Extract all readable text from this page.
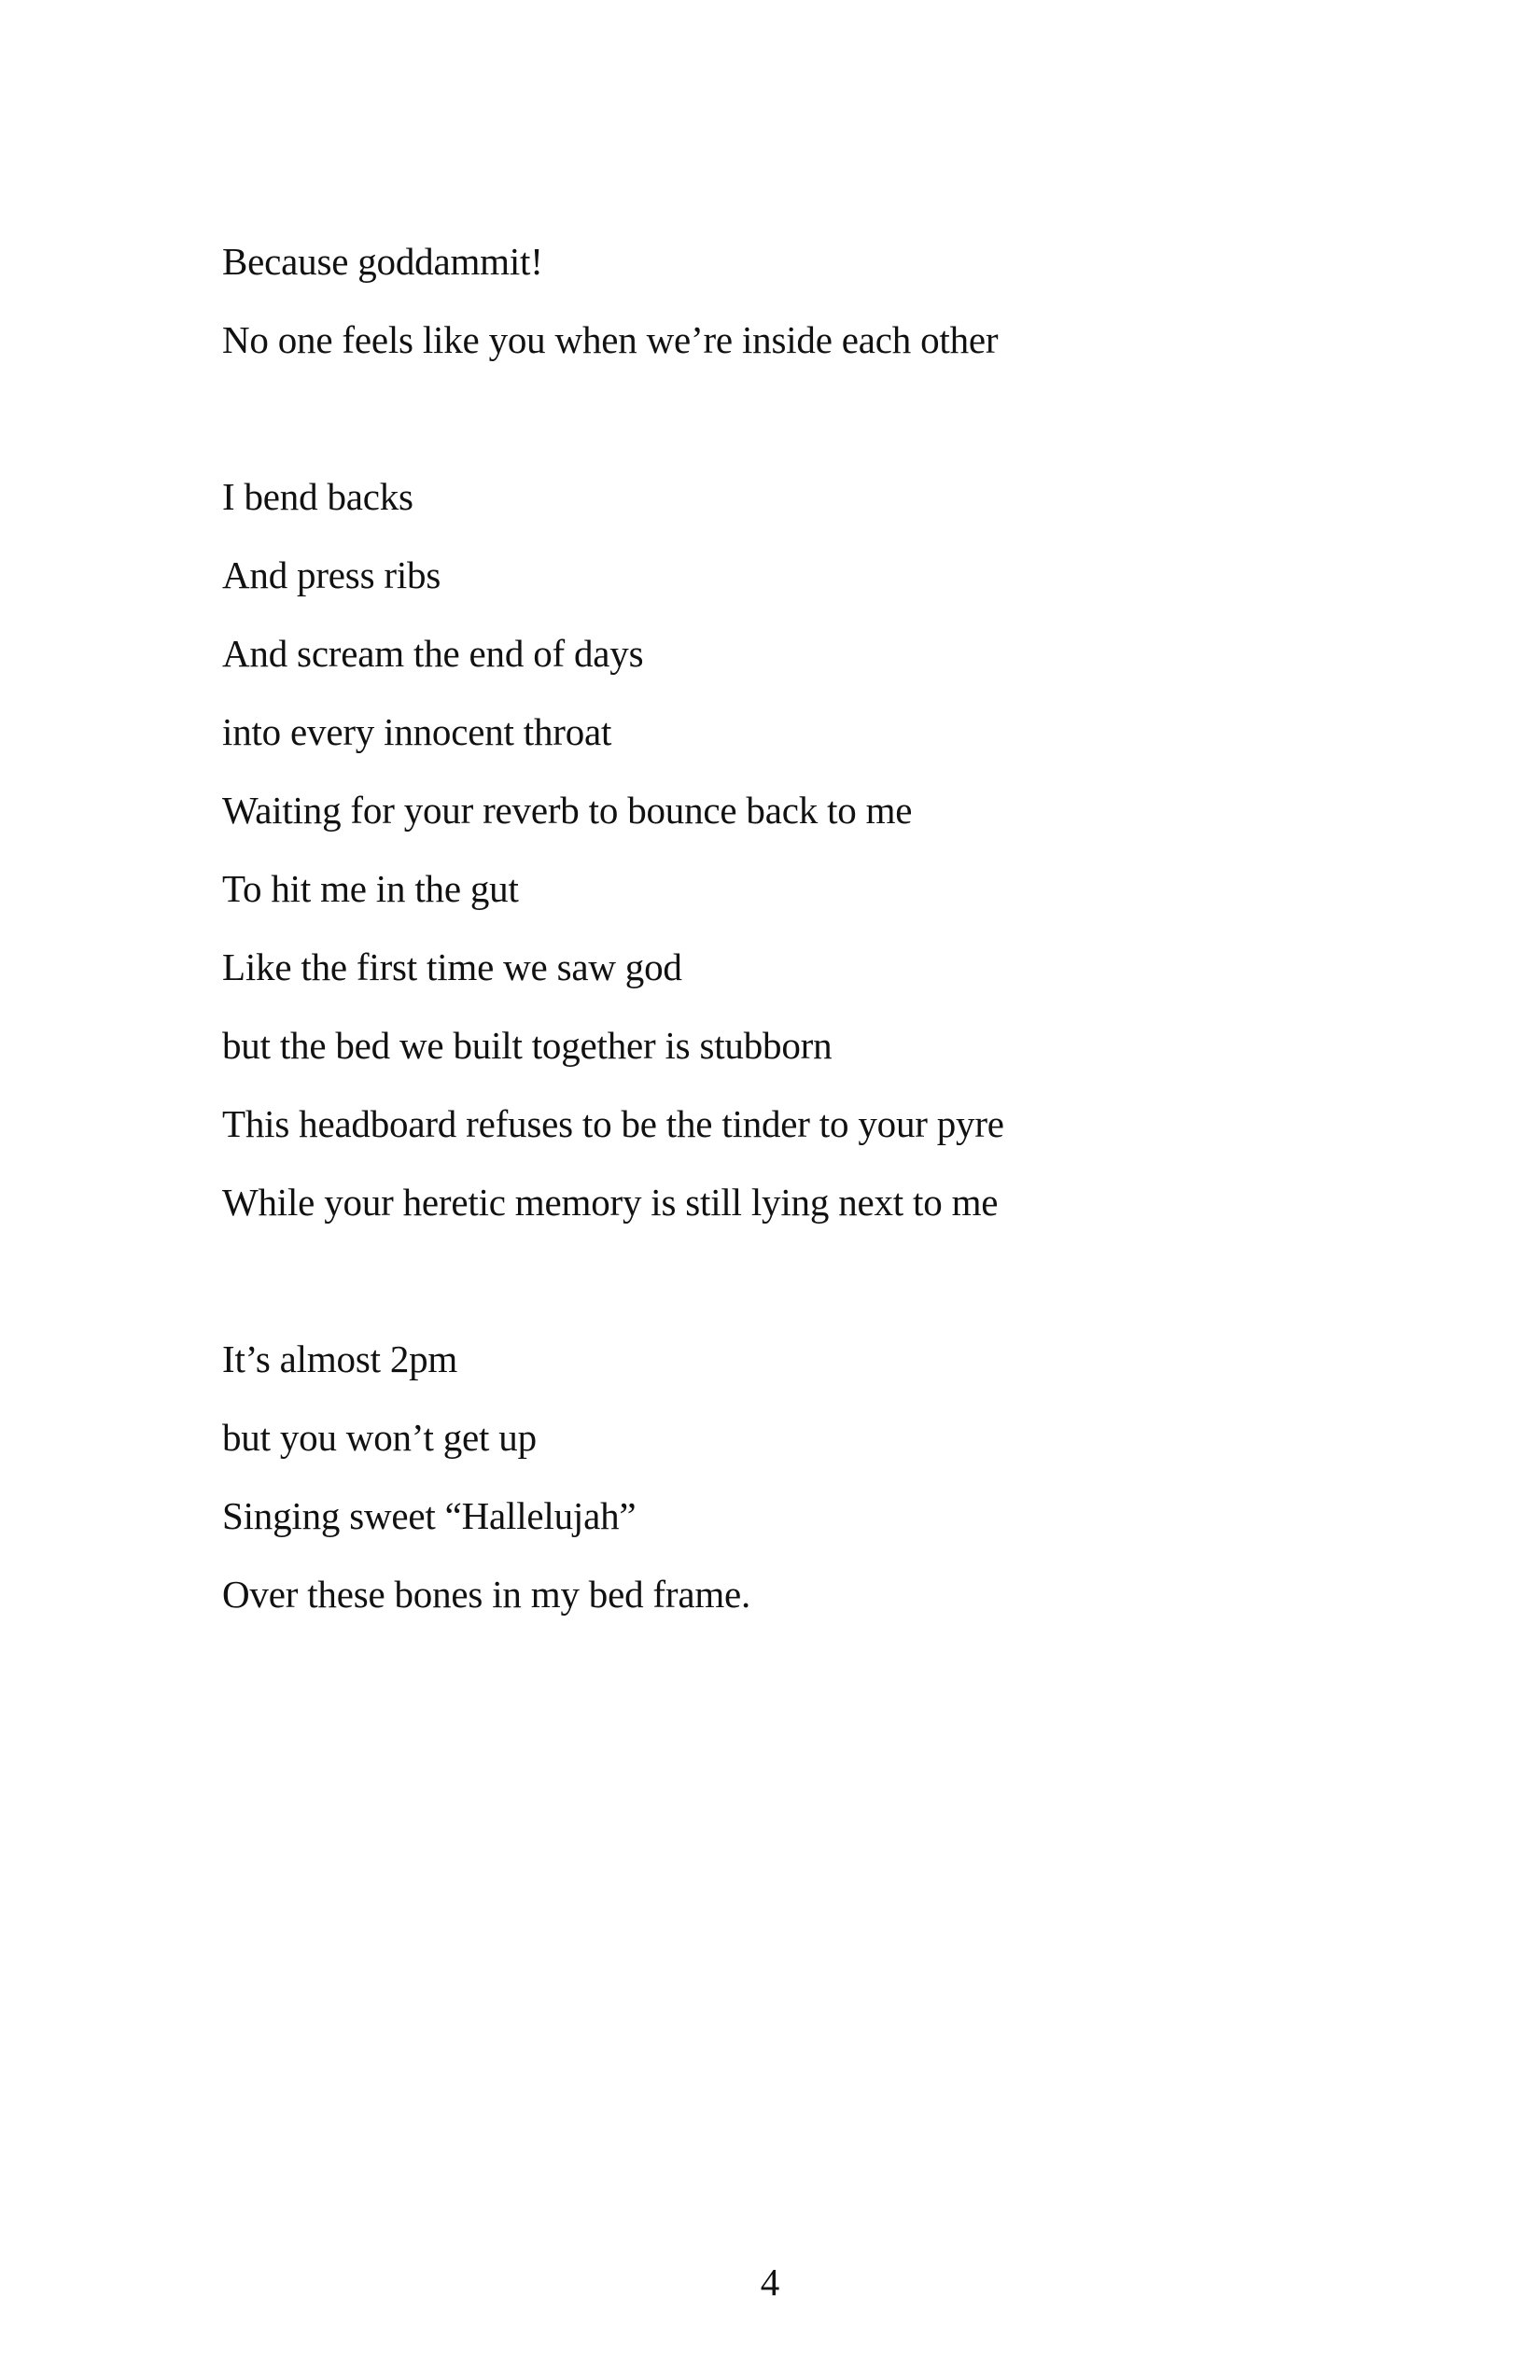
Because goddammit!
No one feels like you when we’re inside each other
I bend backs
And press ribs
And scream the end of days
into every innocent throat
Waiting for your reverb to bounce back to me
To hit me in the gut
Like the first time we saw god
but the bed we built together is stubborn
This headboard refuses to be the tinder to your pyre
While your heretic memory is still lying next to me
It’s almost 2pm
but you won’t get up
Singing sweet “Hallelujah”
Over these bones in my bed frame.
4
